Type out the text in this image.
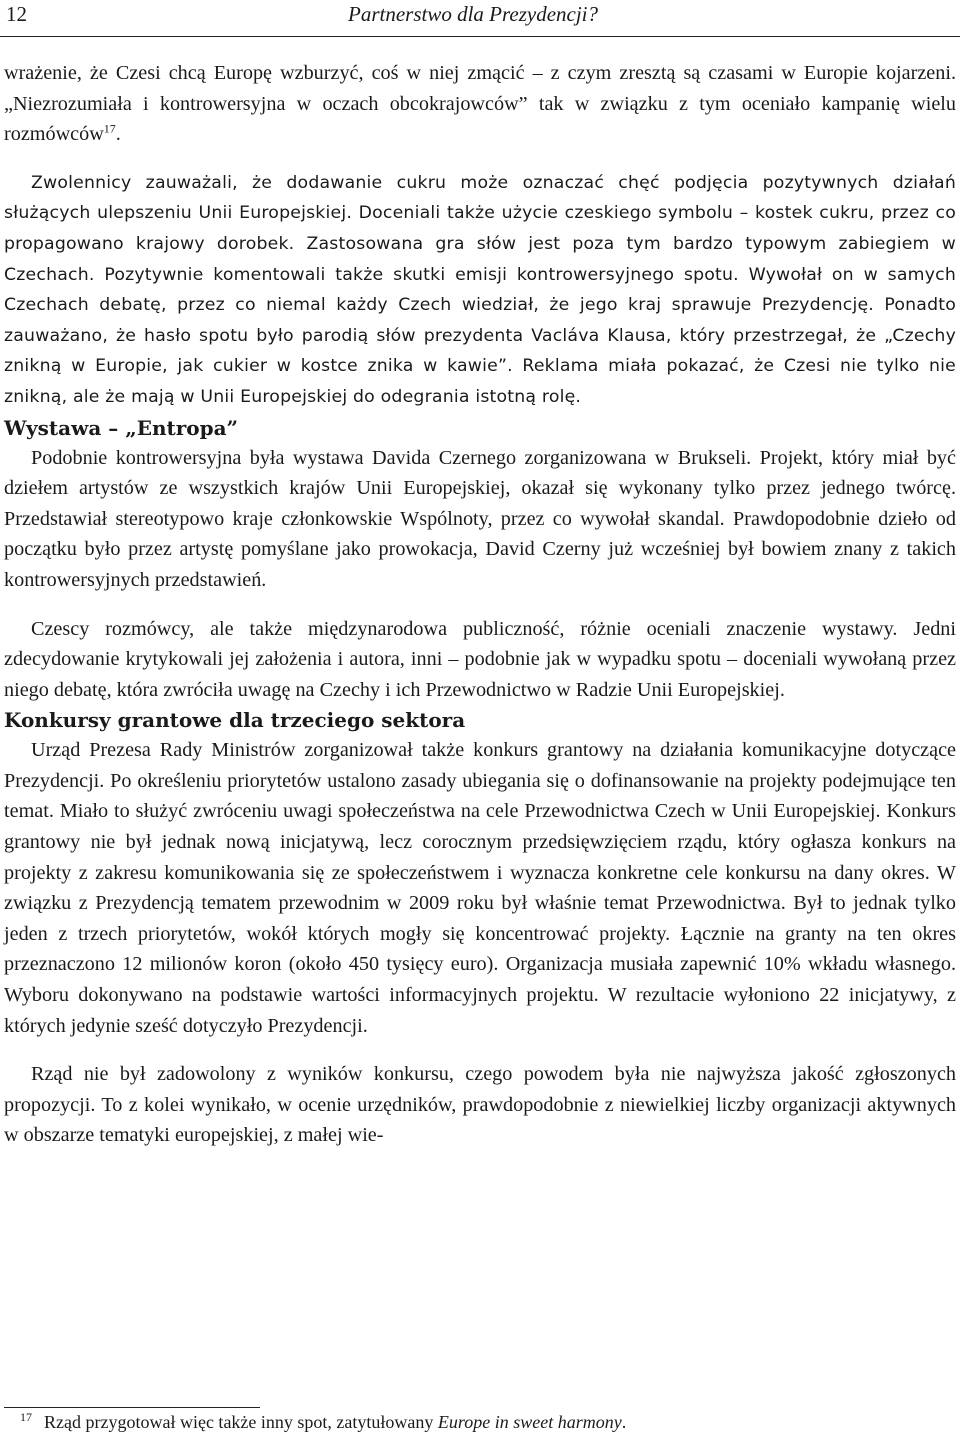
12	Partnerstwo dla Prezydencji?

wrażenie, że Czesi chcą Europę wzburzyć, coś w niej zmącić – z czym zresztą są czasami w Europie kojarzeni. „Niezrozumiała i kontrowersyjna w oczach obcokrajowców” tak w związku z tym oceniało kampanię wielu rozmówców$^{17}$.

Zwolennicy zauważali, że dodawanie cukru może oznaczać chęć podjęcia pozytywnych działań służących ulepszeniu Unii Europejskiej. Doceniali także użycie czeskiego symbolu – kostek cukru, przez co propagowano krajowy dorobek. Zastosowana gra słów jest poza tym bardzo typowym zabiegiem w Czechach. Pozytywnie komentowali także skutki emisji kontrowersyjnego spotu. Wywołał on w samych Czechach debatę, przez co niemal każdy Czech wiedział, że jego kraj sprawuje Prezydencję. Ponadto zauważano, że hasło spotu było parodią słów prezydenta Vacláva Klausa, który przestrzegał, że „Czechy znikną w Europie, jak cukier w kostce znika w kawie”. Reklama miała pokazać, że Czesi nie tylko nie znikną, ale że mają w Unii Europejskiej do odegrania istotną rolę.

Wystawa – „Entropa”

Podobnie kontrowersyjna była wystawa Davida Czernego zorganizowana w Brukseli. Projekt, który miał być dziełem artystów ze wszystkich krajów Unii Europejskiej, okazał się wykonany tylko przez jednego twórcę. Przedstawiał stereotypowo kraje członkowskie Wspólnoty, przez co wywołał skandal. Prawdopodobnie dzieło od początku było przez artystę pomyślane jako prowokacja, David Czerny już wcześniej był bowiem znany z takich kontrowersyjnych przedstawień.

Czescy rozmówcy, ale także międzynarodowa publiczność, różnie oceniali znaczenie wystawy. Jedni zdecydowanie krytykowali jej założenia i autora, inni – podobnie jak w wypadku spotu – doceniali wywołaną przez niego debatę, która zwróciła uwagę na Czechy i ich Przewodnictwo w Radzie Unii Europejskiej.

Konkursy grantowe dla trzeciego sektora

Urząd Prezesa Rady Ministrów zorganizował także konkurs grantowy na działania komunikacyjne dotyczące Prezydencji. Po określeniu priorytetów ustalono zasady ubiegania się o dofinansowanie na projekty podejmujące ten temat. Miało to służyć zwróceniu uwagi społeczeństwa na cele Przewodnictwa Czech w Unii Europejskiej. Konkurs grantowy nie był jednak nową inicjatywą, lecz corocznym przedsięwzięciem rządu, który ogłasza konkurs na projekty z zakresu komunikowania się ze społeczeństwem i wyznacza konkretne cele konkursu na dany okres. W związku z Prezydencją tematem przewodnim w 2009 roku był właśnie temat Przewodnictwa. Był to jednak tylko jeden z trzech priorytetów, wokół których mogły się koncentrować projekty. Łącznie na granty na ten okres przeznaczono 12 milionów koron (około 450 tysięcy euro). Organizacja musiała zapewnić 10% wkładu własnego. Wyboru dokonywano na podstawie wartości informacyjnych projektu. W rezultacie wyłoniono 22 inicjatywy, z których jedynie sześć dotyczyło Prezydencji.

Rząd nie był zadowolony z wyników konkursu, czego powodem była nie najwyższa jakość zgłoszonych propozycji. To z kolei wynikało, w ocenie urzędników, prawdopodobnie z niewielkiej liczby organizacji aktywnych w obszarze tematyki europejskiej, z małej wie-

17 Rząd przygotował więc także inny spot, zatytułowany Europe in sweet harmony.
